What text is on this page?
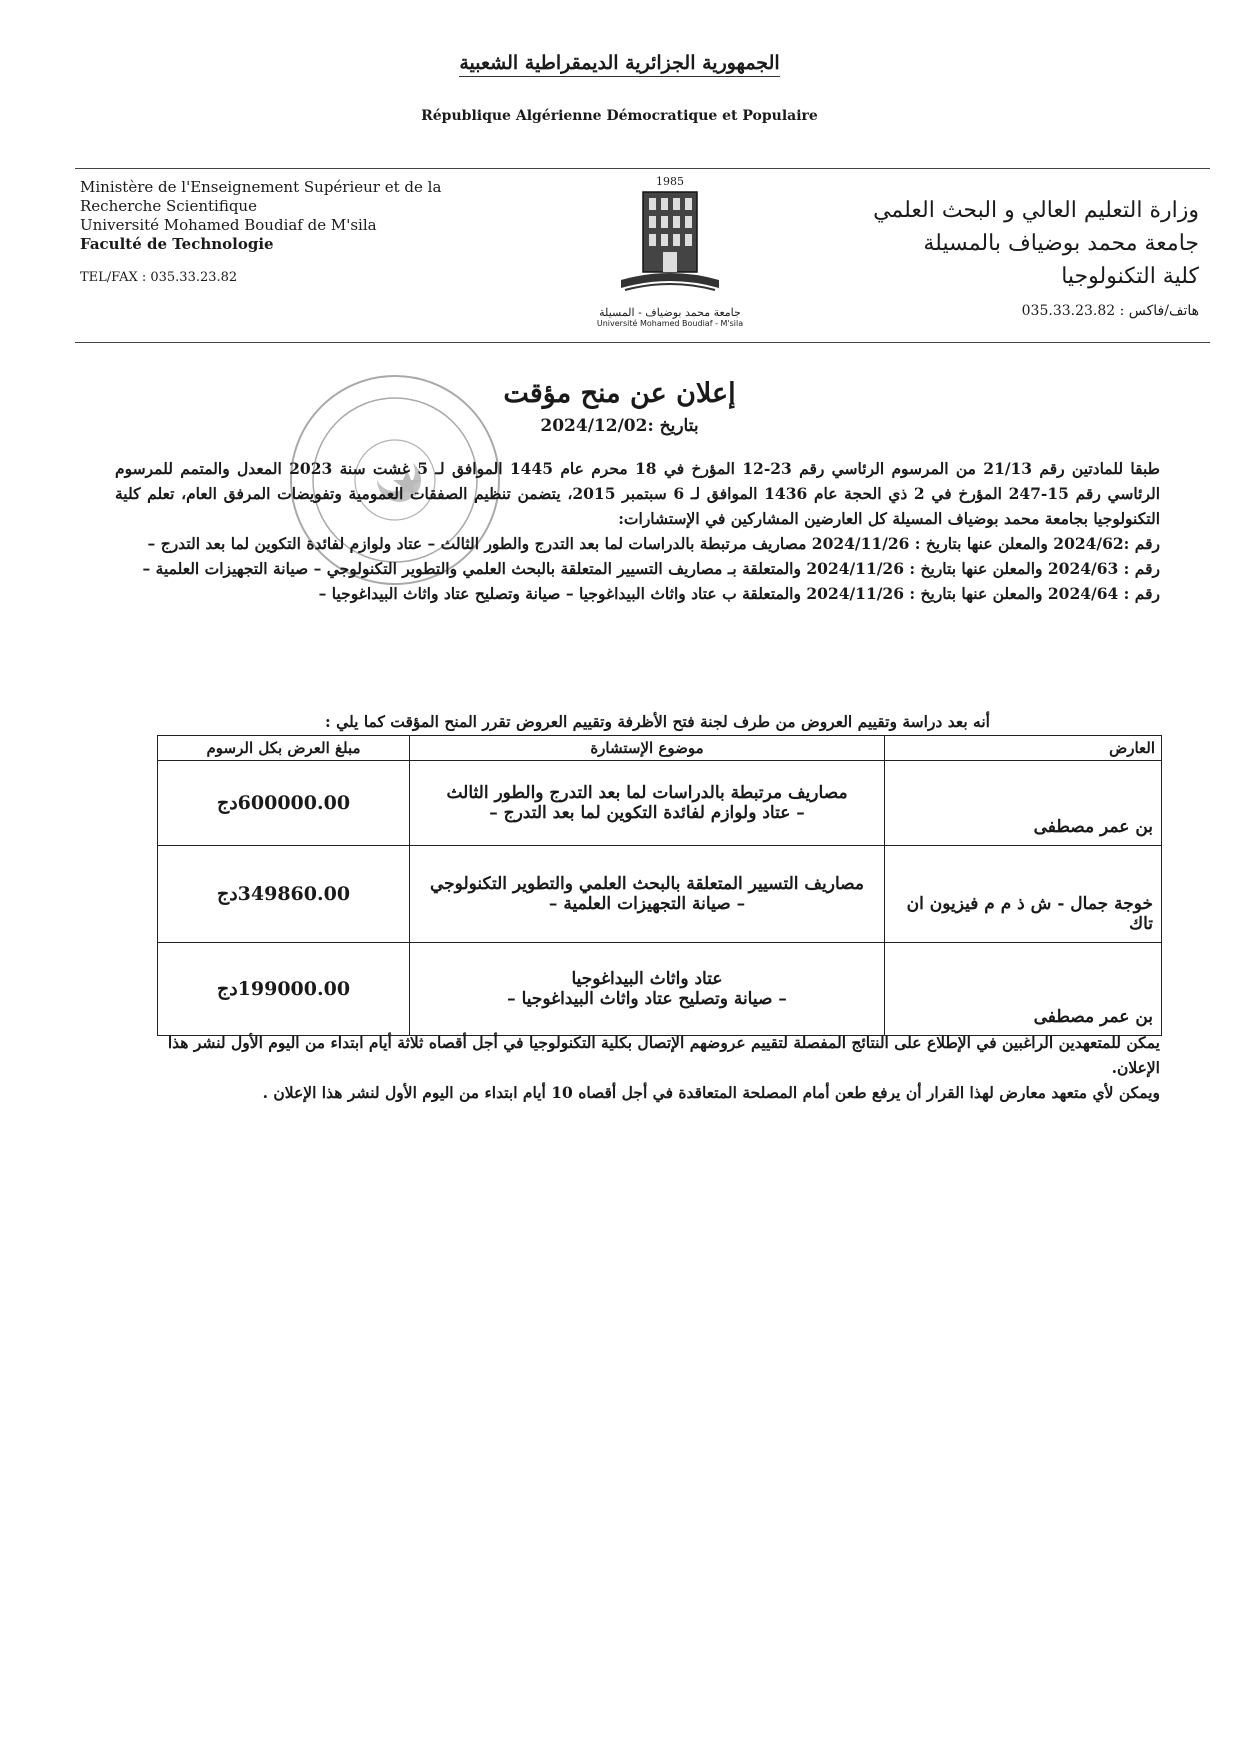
الجمهورية الجزائرية الديمقراطية الشعبية
République Algérienne Démocratique et Populaire
Ministère de l'Enseignement Supérieur et de la Recherche Scientifique
Université Mohamed Boudiaf de M'sila
Faculté de Technologie
TEL/FAX : 035.33.23.82
1985
جامعة محمد بوضياف - المسيلة
Université Mohamed Boudiaf - M'sila
وزارة التعليم العالي و البحث العلمي
جامعة محمد بوضياف بالمسيلة
كلية التكنولوجيا
هاتف/فاكس : 035.33.23.82
إعلان عن منح مؤقت
بتاريخ :2024/12/02

طبقا للمادتين رقم 21/13 من المرسوم الرئاسي رقم 23-12 المؤرخ في 18 محرم عام 1445 الموافق لـ 5 غشت سنة 2023 المعدل والمتمم للمرسوم الرئاسي رقم 15-247 المؤرخ في 2 ذي الحجة عام 1436 الموافق لـ 6 سبتمبر 2015، يتضمن تنظيم الصفقات العمومية وتفويضات المرفق العام، تعلم كلية التكنولوجيا بجامعة محمد بوضياف المسيلة كل العارضين المشاركين في الإستشارات:

رقم :2024/62 والمعلن عنها بتاريخ : 2024/11/26 مصاريف مرتبطة بالدراسات لما بعد التدرج والطور الثالث – عتاد ولوازم لفائدة التكوين لما بعد التدرج –

رقم : 2024/63 والمعلن عنها بتاريخ : 2024/11/26 والمتعلقة بـ مصاريف التسيير المتعلقة بالبحث العلمي والتطوير التكنولوجي – صيانة التجهيزات العلمية –

رقم : 2024/64 والمعلن عنها بتاريخ : 2024/11/26 والمتعلقة ب عتاد واثاث البيداغوجيا – صيانة وتصليح عتاد واثاث البيداغوجيا –

أنه بعد دراسة وتقييم العروض من طرف لجنة فتح الأظرفة وتقييم العروض تقرر المنح المؤقت كما يلي :
العارض	موضوع الإستشارة	مبلغ العرض بكل الرسوم
بن عمر مصطفى	مصاريف مرتبطة بالدراسات لما بعد التدرج والطور الثالث
– عتاد ولوازم لفائدة التكوين لما بعد التدرج –	600000.00دج
خوجة جمال - ش ذ م م فيزيون ان تاك	مصاريف التسيير المتعلقة بالبحث العلمي والتطوير التكنولوجي
– صيانة التجهيزات العلمية –	349860.00دج
بن عمر مصطفى	عتاد واثاث البيداغوجيا
– صيانة وتصليح عتاد واثاث البيداغوجيا –	199000.00دج

يمكن للمتعهدين الراغبين في الإطلاع على النتائج المفصلة لتقييم عروضهم الإتصال بكلية التكنولوجيا في أجل أقصاه ثلاثة أيام ابتداء من اليوم الأول لنشر هذا الإعلان.

ويمكن لأي متعهد معارض لهذا القرار أن يرفع طعن أمام المصلحة المتعاقدة في أجل أقصاه 10 أيام ابتداء من اليوم الأول لنشر هذا الإعلان .
